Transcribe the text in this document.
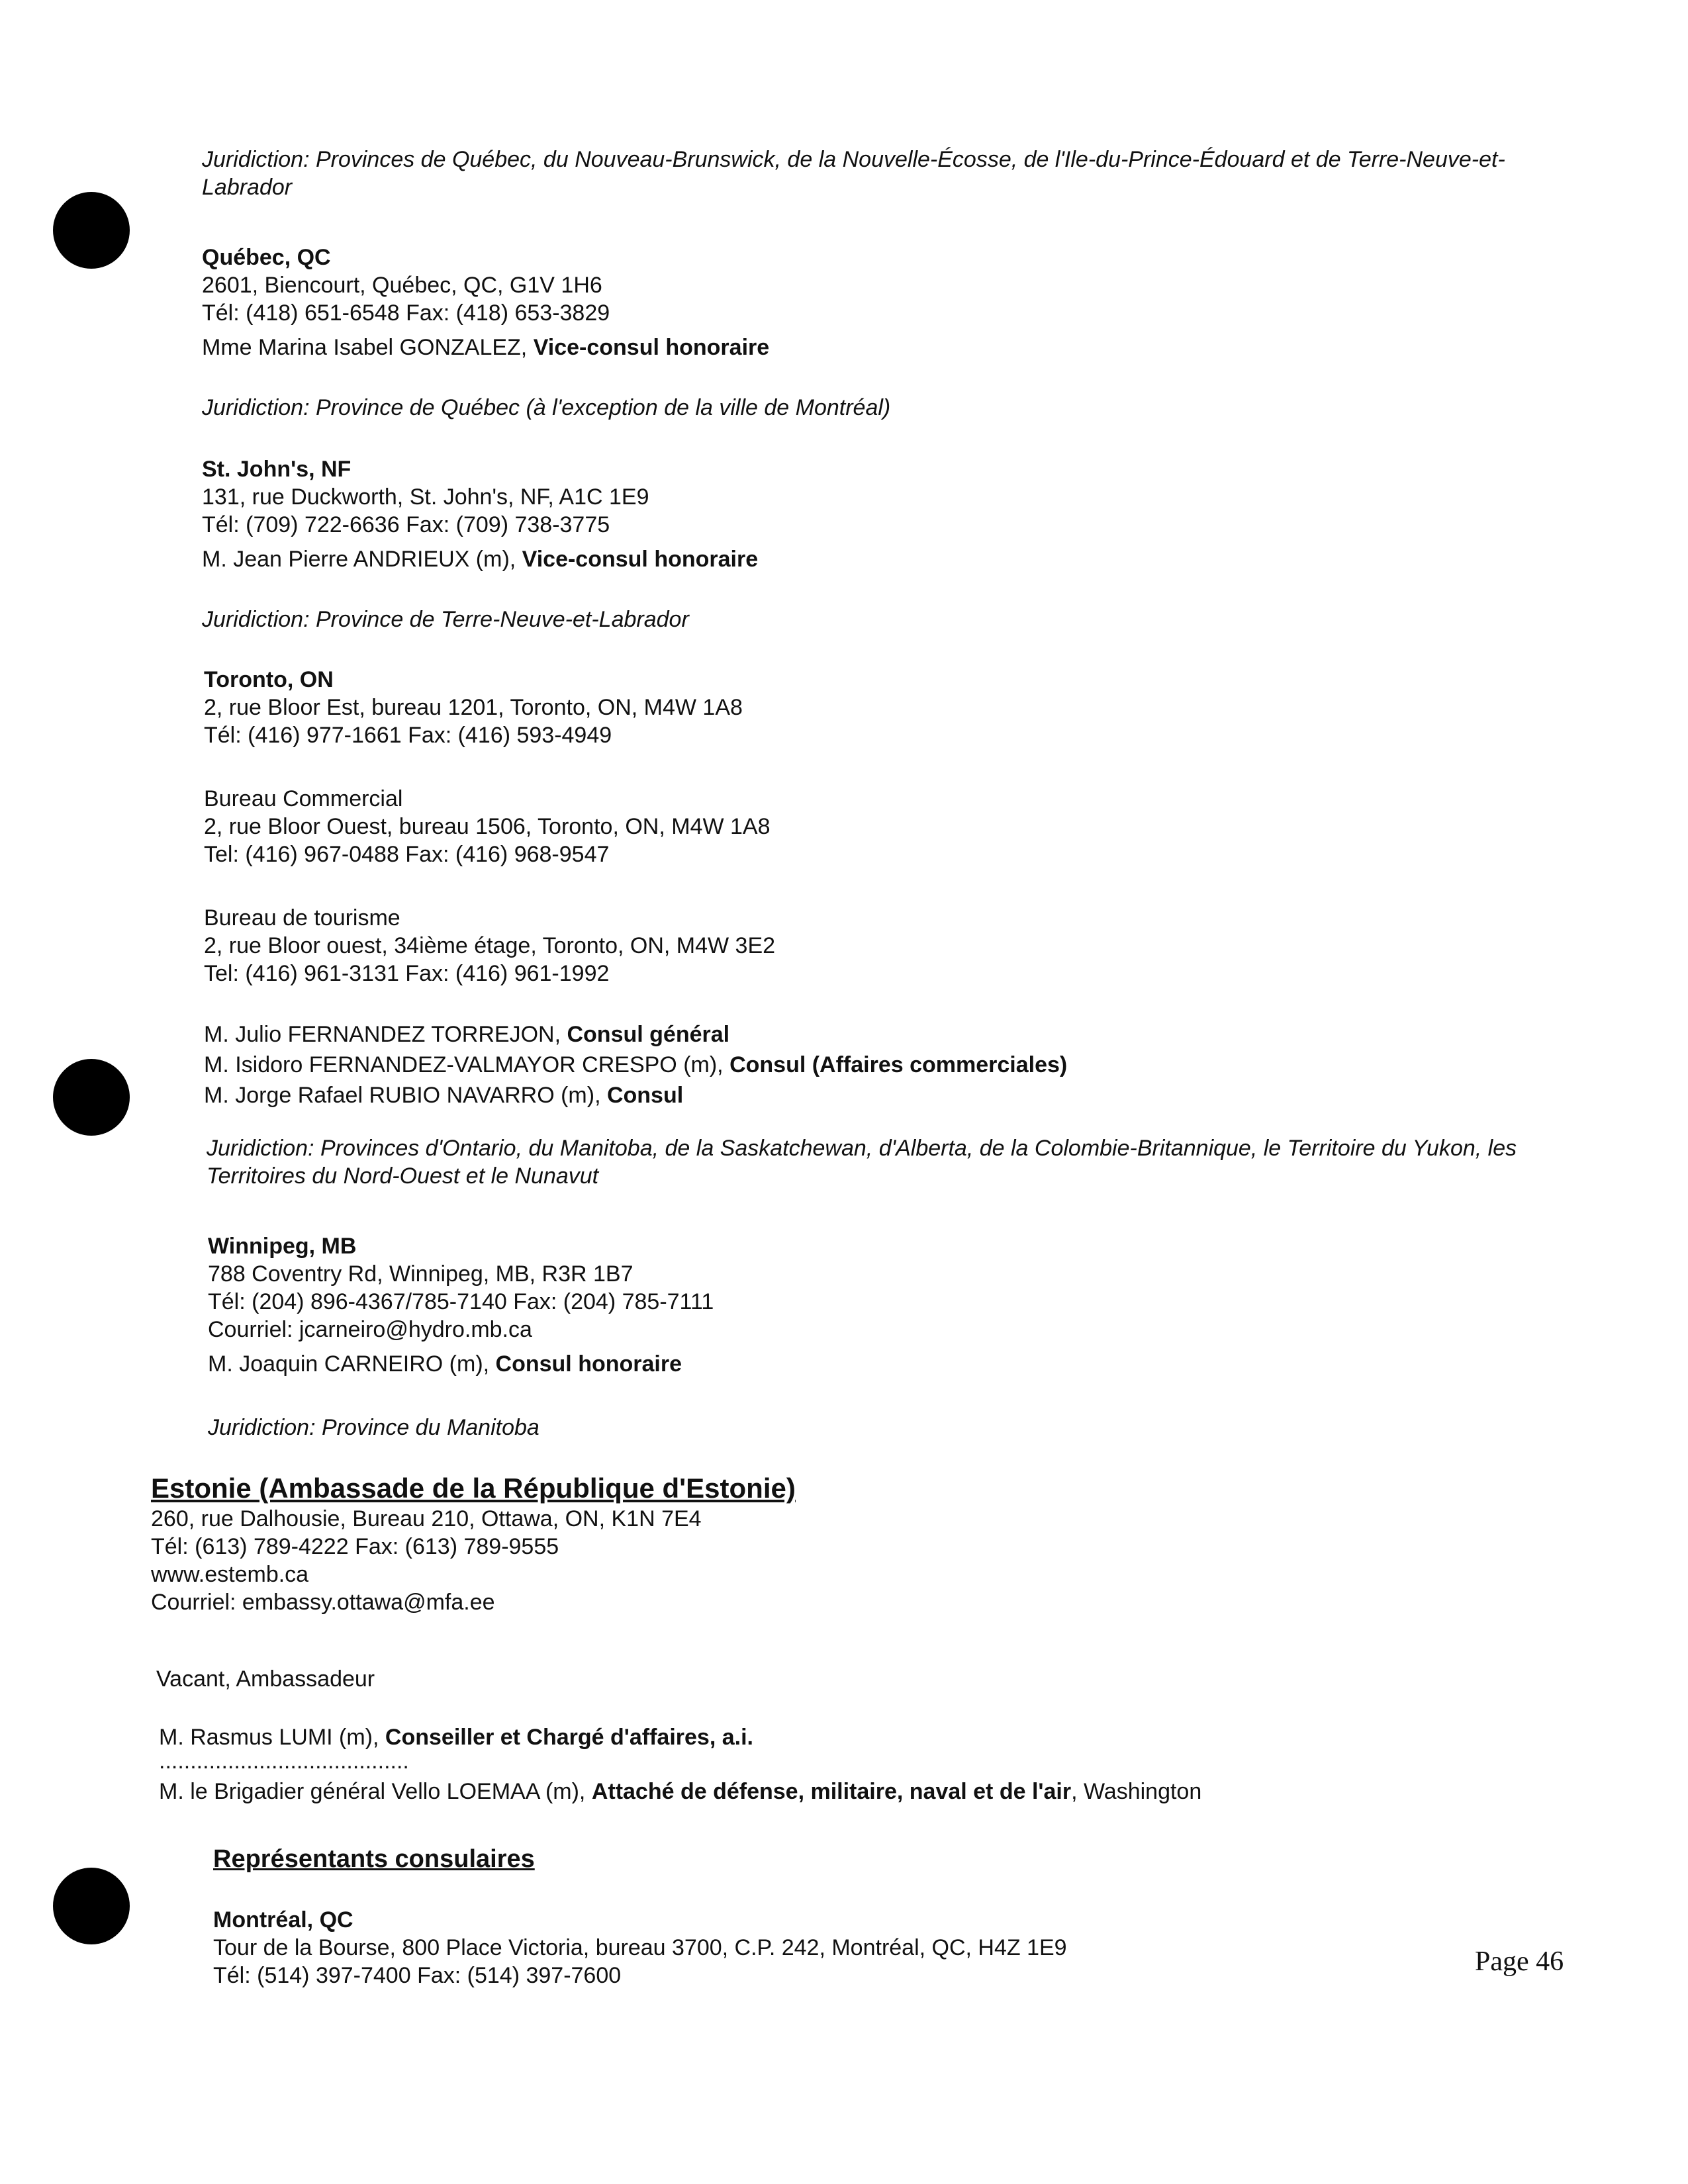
Juridiction: Provinces de Québec, du Nouveau-Brunswick, de la Nouvelle-Écosse, de l'Ile-du-Prince-Édouard et de Terre-Neuve-et-Labrador
Québec, QC
2601, Biencourt, Québec, QC, G1V 1H6
Tél: (418) 651-6548 Fax: (418) 653-3829
Mme Marina Isabel GONZALEZ, Vice-consul honoraire
Juridiction: Province de Québec (à l'exception de la ville de Montréal)
St. John's, NF
131, rue Duckworth, St. John's, NF, A1C 1E9
Tél: (709) 722-6636 Fax: (709) 738-3775
M. Jean Pierre ANDRIEUX (m), Vice-consul honoraire
Juridiction: Province de Terre-Neuve-et-Labrador
Toronto, ON
2, rue Bloor Est, bureau 1201, Toronto, ON, M4W 1A8
Tél: (416) 977-1661 Fax: (416) 593-4949
Bureau Commercial
2, rue Bloor Ouest, bureau 1506, Toronto, ON, M4W 1A8
Tel: (416) 967-0488 Fax: (416) 968-9547
Bureau de tourisme
2, rue Bloor ouest, 34ième étage, Toronto, ON, M4W 3E2
Tel: (416) 961-3131 Fax: (416) 961-1992
M. Julio FERNANDEZ TORREJON, Consul général
M. Isidoro FERNANDEZ-VALMAYOR CRESPO (m), Consul (Affaires commerciales)
M. Jorge Rafael RUBIO NAVARRO (m), Consul
Juridiction: Provinces d'Ontario, du Manitoba, de la Saskatchewan, d'Alberta, de la Colombie-Britannique, le Territoire du Yukon, les Territoires du Nord-Ouest et le Nunavut
Winnipeg, MB
788 Coventry Rd, Winnipeg, MB, R3R 1B7
Tél: (204) 896-4367/785-7140 Fax: (204) 785-7111
Courriel: jcarneiro@hydro.mb.ca
M. Joaquin CARNEIRO (m), Consul honoraire
Juridiction: Province du Manitoba
Estonie (Ambassade de la République d'Estonie)
260, rue Dalhousie, Bureau 210, Ottawa, ON, K1N 7E4
Tél: (613) 789-4222 Fax: (613) 789-9555
www.estemb.ca
Courriel: embassy.ottawa@mfa.ee
Vacant, Ambassadeur
M. Rasmus LUMI (m), Conseiller et Chargé d'affaires, a.i.
........................................
M. le Brigadier général Vello LOEMAA (m), Attaché de défense, militaire, naval et de l'air, Washington
Représentants consulaires
Montréal, QC
Tour de la Bourse, 800 Place Victoria, bureau 3700, C.P. 242, Montréal, QC, H4Z 1E9
Tél: (514) 397-7400 Fax: (514) 397-7600	Page 46
